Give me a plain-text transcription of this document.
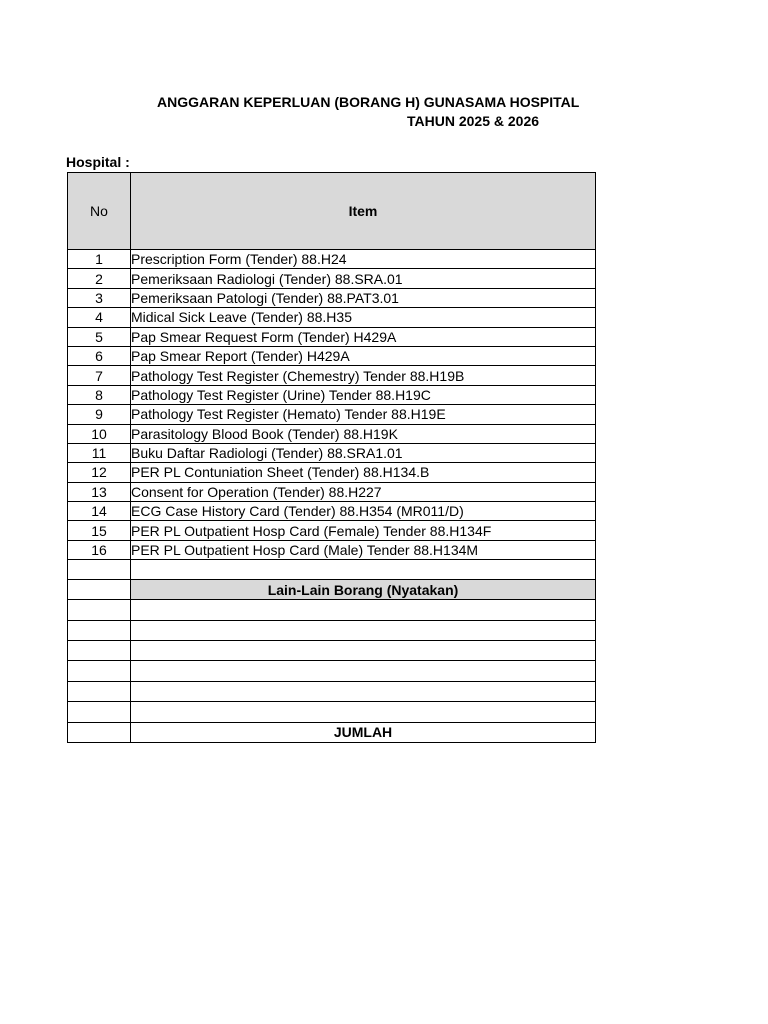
ANGGARAN KEPERLUAN (BORANG H) GUNASAMA HOSPITAL
TAHUN 2025 & 2026
Hospital :
No	Item
1	Prescription Form (Tender) 88.H24
2	Pemeriksaan Radiologi (Tender) 88.SRA.01
3	Pemeriksaan Patologi (Tender) 88.PAT3.01
4	Midical Sick Leave (Tender) 88.H35
5	Pap Smear Request Form (Tender) H429A
6	Pap Smear Report (Tender) H429A
7	Pathology Test Register (Chemestry) Tender 88.H19B
8	Pathology Test Register (Urine) Tender 88.H19C
9	Pathology Test Register (Hemato) Tender 88.H19E
10	Parasitology Blood Book (Tender) 88.H19K
11	Buku Daftar Radiologi (Tender) 88.SRA1.01
12	PER PL Contuniation Sheet (Tender) 88.H134.B
13	Consent for Operation (Tender) 88.H227
14	ECG Case History Card (Tender) 88.H354 (MR011/D)
15	PER PL Outpatient Hosp Card (Female) Tender 88.H134F
16	PER PL Outpatient Hosp Card (Male) Tender 88.H134M

	Lain-Lain Borang (Nyatakan)

	JUMLAH
